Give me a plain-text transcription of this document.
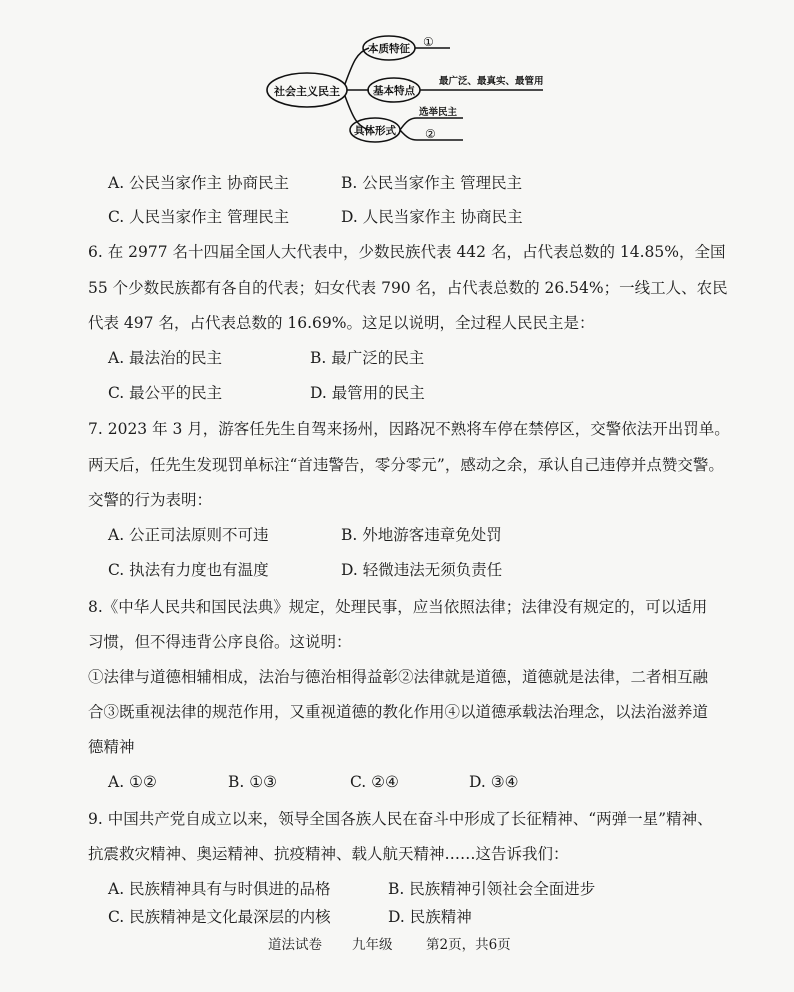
社会主义民主
本质特征 ①
基本特点
最广泛、最真实、最管用
具体形式
选举民主
②
A. 公民当家作主 协商民主	B. 公民当家作主 管理民主
C. 人民当家作主 管理民主	D. 人民当家作主 协商民主
6. 在 2977 名十四届全国人大代表中，少数民族代表 442 名，占代表总数的 14.85%，全国
55 个少数民族都有各自的代表；妇女代表 790 名，占代表总数的 26.54%；一线工人、农民
代表 497 名，占代表总数的 16.69%。这足以说明，全过程人民民主是：
A. 最法治的民主	B. 最广泛的民主
C. 最公平的民主	D. 最管用的民主
7. 2023 年 3 月，游客任先生自驾来扬州，因路况不熟将车停在禁停区，交警依法开出罚单。
两天后，任先生发现罚单标注“首违警告，零分零元”，感动之余，承认自己违停并点赞交警。
交警的行为表明：
A. 公正司法原则不可违	B. 外地游客违章免处罚
C. 执法有力度也有温度	D. 轻微违法无须负责任
8.《中华人民共和国民法典》规定，处理民事，应当依照法律；法律没有规定的，可以适用
习惯，但不得违背公序良俗。这说明：
①法律与道德相辅相成，法治与德治相得益彰②法律就是道德，道德就是法律，二者相互融
合③既重视法律的规范作用，又重视道德的教化作用④以道德承载法治理念，以法治滋养道
德精神
A. ①②	B. ①③	C. ②④	D. ③④
9. 中国共产党自成立以来，领导全国各族人民在奋斗中形成了长征精神、“两弹一星”精神、
抗震救灾精神、奥运精神、抗疫精神、载人航天精神……这告诉我们：
A. 民族精神具有与时俱进的品格	B. 民族精神引领社会全面进步
C. 民族精神是文化最深层的内核	D. 民族精神
道法试卷 九年级 第2页，共6页
